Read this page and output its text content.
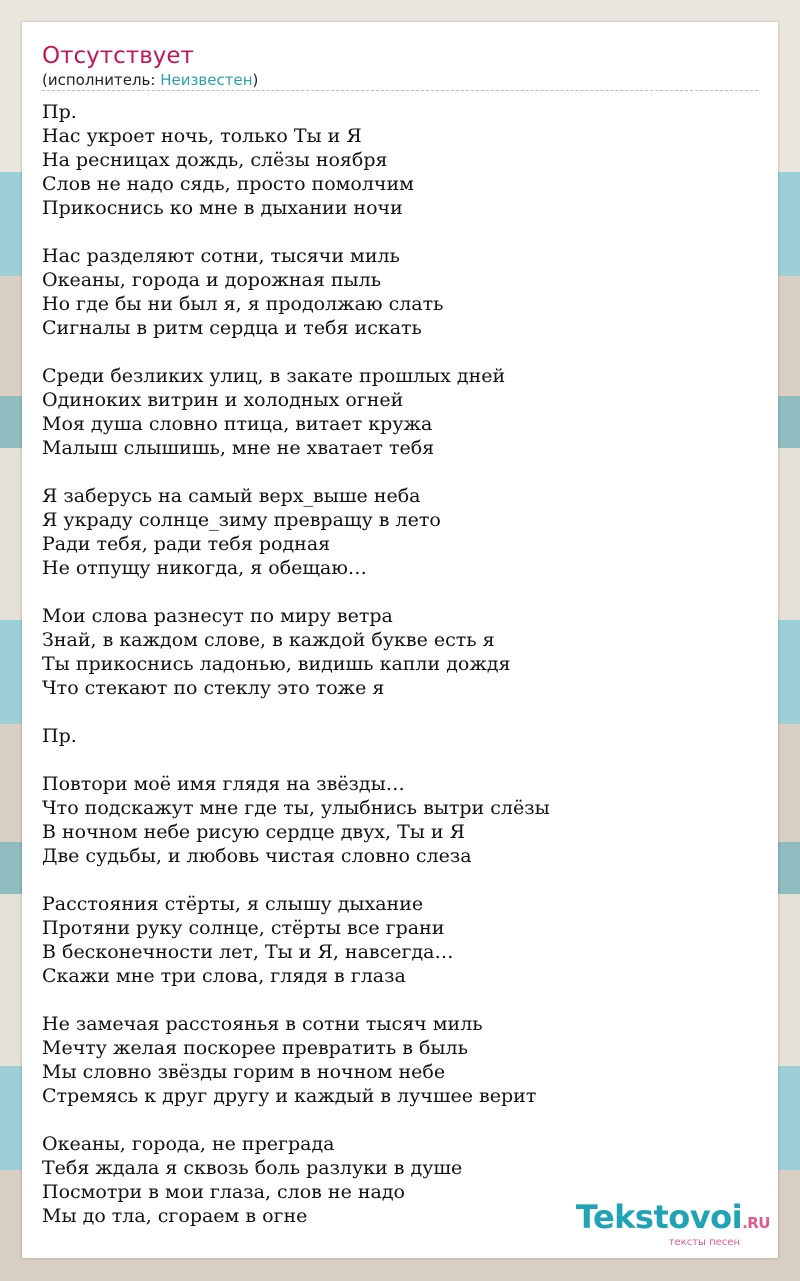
Отсутствует
(исполнитель: Неизвестен)
Пр.
Нас укроет ночь, только Ты и Я
На ресницах дождь, слёзы ноября
Слов не надо сядь, просто помолчим
Прикоснись ко мне в дыхании ночи
Нас разделяют сотни, тысячи миль
Океаны, города и дорожная пыль
Но где бы ни был я, я продолжаю слать
Сигналы в ритм сердца и тебя искать
Среди безликих улиц, в закате прошлых дней
Одиноких витрин и холодных огней
Моя душа словно птица, витает кружа
Малыш слышишь, мне не хватает тебя
Я заберусь на самый верх_выше неба
Я украду солнце_зиму превращу в лето
Ради тебя, ради тебя родная
Не отпущу никогда, я обещаю…
Мои слова разнесут по миру ветра
Знай, в каждом слове, в каждой букве есть я
Ты прикоснись ладонью, видишь капли дождя
Что стекают по стеклу это тоже я
Пр.
Повтори моё имя глядя на звёзды…
Что подскажут мне где ты, улыбнись вытри слёзы
В ночном небе рисую сердце двух, Ты и Я
Две судьбы, и любовь чистая словно слеза
Расстояния стёрты, я слышу дыхание
Протяни руку солнце, стёрты все грани
В бесконечности лет, Ты и Я, навсегда…
Скажи мне три слова, глядя в глаза
Не замечая расстоянья в сотни тысяч миль
Мечту желая поскорее превратить в быль
Мы словно звёзды горим в ночном небе
Стремясь к друг другу и каждый в лучшее верит
Океаны, города, не преграда
Тебя ждала я сквозь боль разлуки в душе
Посмотри в мои глаза, слов не надо
Мы до тла, сгораем в огне	Tekstovoi.RU
тексты песен
